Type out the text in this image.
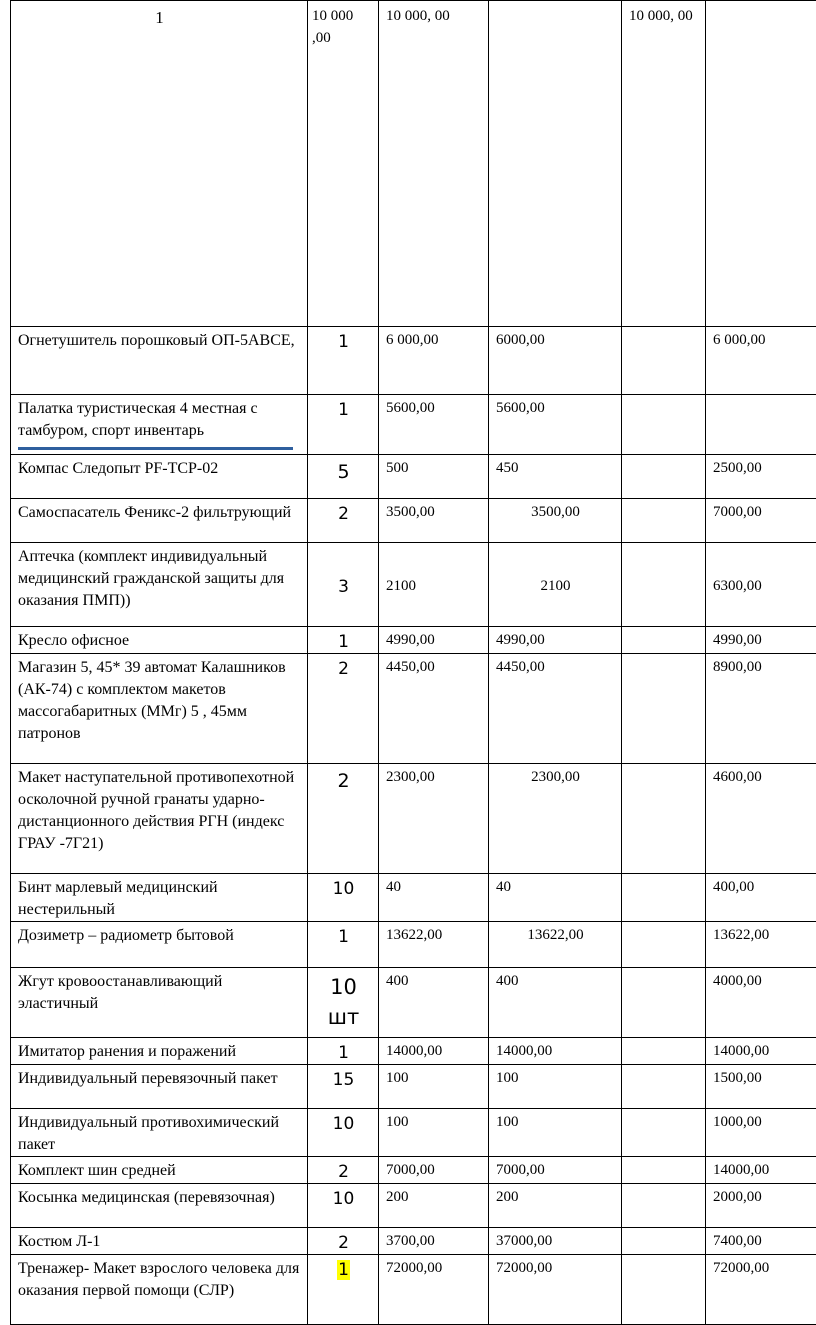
1	10 000 ,00	10 000, 00		10 000, 00	
Огнетушитель порошковый ОП-5АВСЕ,	1	6 000,00	6000,00		6 000,00
Палатка туристическая 4 местная с тамбуром, спорт инвентарь	1	5600,00	5600,00		
Компас Следопыт PF-TCP-02	5	500	450		2500,00
Самоспасатель Феникс-2 фильтрующий	2	3500,00	3500,00		7000,00
Аптечка (комплект индивидуальный медицинский гражданской защиты для оказания ПМП))	3	2100	2100		6300,00
Кресло офисное	1	4990,00	4990,00		4990,00
Магазин 5, 45* 39 автомат Калашников (АК-74) с комплектом макетов массогабаритных (ММг) 5 , 45мм патронов	2	4450,00	4450,00		8900,00
Макет наступательной противопехотной осколочной ручной гранаты ударно-дистанционного действия РГН (индекс ГРАУ -7Г21)	2	2300,00	2300,00		4600,00
Бинт марлевый медицинский нестерильный	10	40	40		400,00
Дозиметр – радиометр бытовой	1	13622,00	13622,00		13622,00
Жгут кровоостанавливающий эластичный	10 шт	400	400		4000,00
Имитатор ранения и поражений	1	14000,00	14000,00		14000,00
Индивидуальный перевязочный пакет	15	100	100		1500,00
Индивидуальный противохимический пакет	10	100	100		1000,00
Комплект шин средней	2	7000,00	7000,00		14000,00
Косынка медицинская (перевязочная)	10	200	200		2000,00
Костюм Л-1	2	3700,00	37000,00		7400,00
Тренажер- Макет взрослого человека для оказания первой помощи (СЛР)	1	72000,00	72000,00		72000,00
